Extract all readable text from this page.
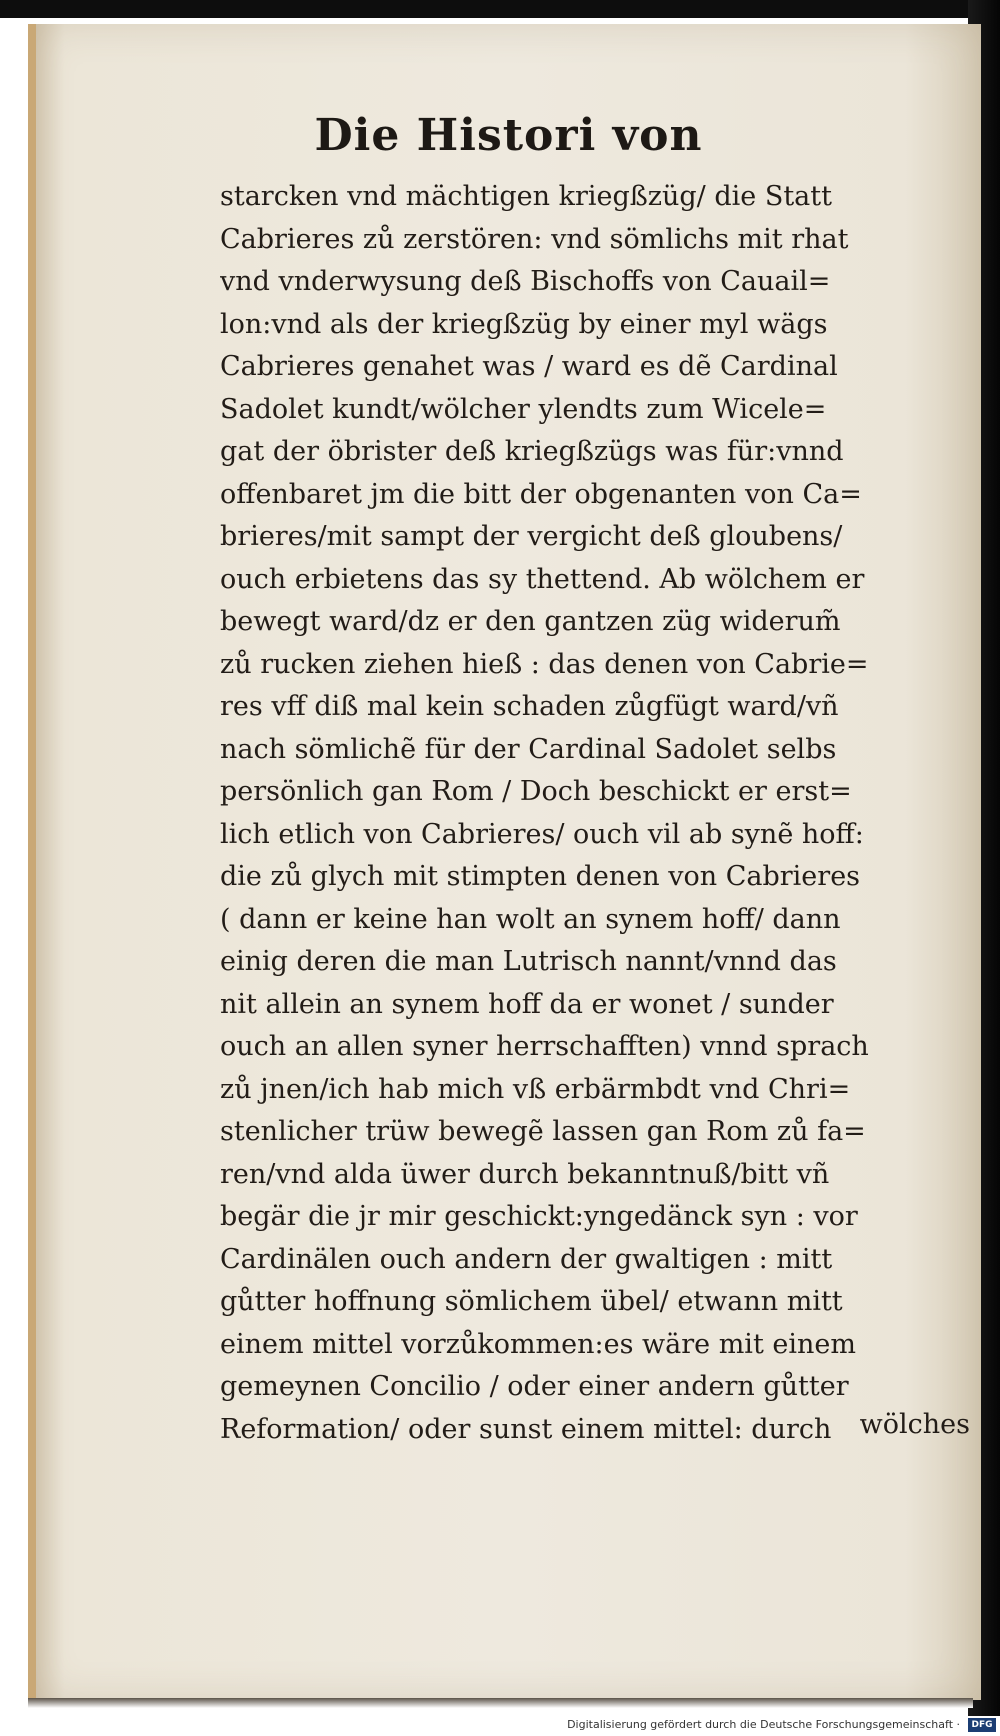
Die Histori von
starcken vnd mächtigen kriegßzüg/ die Statt
Cabrieres zů zerstören: vnd sömlichs mit rhat
vnd vnderwysung deß Bischoffs von Cauail=
lon:vnd als der kriegßzüg by einer myl wägs
Cabrieres genahet was / ward es dẽ Cardinal
Sadolet kundt/wölcher ylendts zum Wicele=
gat der öbrister deß kriegßzügs was für:vnnd
offenbaret jm die bitt der obgenanten von Ca=
brieres/mit sampt der vergicht deß gloubens/
ouch erbietens das sy thettend. Ab wölchem er
bewegt ward/dz er den gantzen züg widerum̃
zů rucken ziehen hieß : das denen von Cabrie=
res vff diß mal kein schaden zůgfügt ward/vñ
nach sömlichẽ für der Cardinal Sadolet selbs
persönlich gan Rom / Doch beschickt er erst=
lich etlich von Cabrieres/ ouch vil ab synẽ hoff:
die zů glych mit stimpten denen von Cabrieres
( dann er keine han wolt an synem hoff/ dann
einig deren die man Lutrisch nannt/vnnd das
nit allein an synem hoff da er wonet / sunder
ouch an allen syner herrschafften) vnnd sprach
zů jnen/ich hab mich vß erbärmbdt vnd Chri=
stenlicher trüw bewegẽ lassen gan Rom zů fa=
ren/vnd alda üwer durch bekanntnuß/bitt vñ
begär die jr mir geschickt:yngedänck syn : vor
Cardinälen ouch andern der gwaltigen : mitt
gůtter hoffnung sömlichem übel/ etwann mitt
einem mittel vorzůkommen:es wäre mit einem
gemeynen Concilio / oder einer andern gůtter
Reformation/ oder sunst einem mittel: durch	wölches
Digitalisierung gefördert durch die Deutsche Forschungsgemeinschaft ·	DFG
